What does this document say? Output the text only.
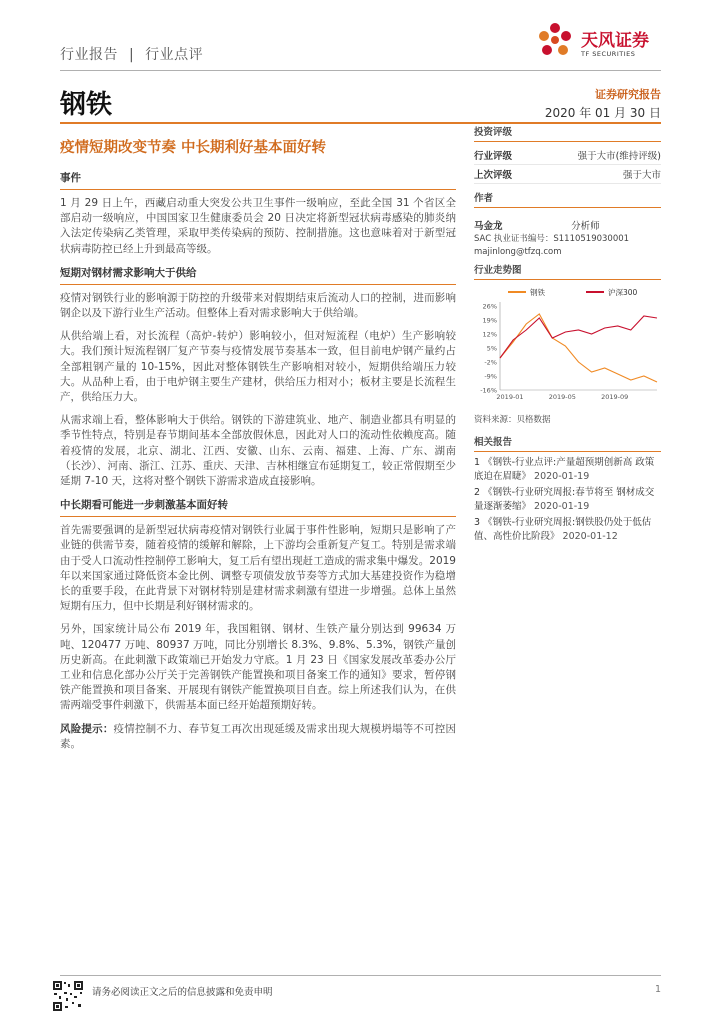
行业报告 | 行业点评
天风证券
TF SECURITIES
钢铁	证券研究报告
2020 年 01 月 30 日
疫情短期改变节奏 中长期利好基本面好转
事件

1 月 29 日上午，西藏启动重大突发公共卫生事件一级响应，至此全国 31 个省区全部启动一级响应，中国国家卫生健康委员会 20 日决定将新型冠状病毒感染的肺炎纳入法定传染病乙类管理，采取甲类传染病的预防、控制措施。这也意味着对于新型冠状病毒防控已经上升到最高等级。

短期对钢材需求影响大于供给

疫情对钢铁行业的影响源于防控的升级带来对假期结束后流动人口的控制，进而影响钢企以及下游行业生产活动。但整体上看对需求影响大于供给端。

从供给端上看，对长流程（高炉-转炉）影响较小，但对短流程（电炉）生产影响较大。我们预计短流程钢厂复产节奏与疫情发展节奏基本一致，但目前电炉钢产量约占全部粗钢产量的 10-15%，因此对整体钢铁生产影响相对较小，短期供给端压力较大。从品种上看，由于电炉钢主要生产建材，供给压力相对小；板材主要是长流程生产，供给压力大。

从需求端上看，整体影响大于供给。钢铁的下游建筑业、地产、制造业都具有明显的季节性特点，特别是春节期间基本全部放假休息，因此对人口的流动性依赖度高。随着疫情的发展，北京、湖北、江西、安徽、山东、云南、福建、上海、广东、湖南（长沙）、河南、浙江、江苏、重庆、天津、吉林相继宣布延期复工，较正常假期至少延期 7-10 天，这将对整个钢铁下游需求造成直接影响。

中长期看可能进一步刺激基本面好转

首先需要强调的是新型冠状病毒疫情对钢铁行业属于事件性影响，短期只是影响了产业链的供需节奏，随着疫情的缓解和解除，上下游均会重新复产复工。特别是需求端由于受人口流动性控制停工影响大，复工后有望出现赶工造成的需求集中爆发。2019 年以来国家通过降低资本金比例、调整专项债发放节奏等方式加大基建投资作为稳增长的重要手段，在此背景下对钢材特别是建材需求刺激有望进一步增强。总体上虽然短期有压力，但中长期是利好钢材需求的。

另外，国家统计局公布 2019 年，我国粗钢、钢材、生铁产量分别达到 99634 万吨、120477 万吨、80937 万吨，同比分别增长 8.3%、9.8%、5.3%，钢铁产量创历史新高。在此刺激下政策端已开始发力守底。1 月 23 日《国家发展改革委办公厅 工业和信息化部办公厅关于完善钢铁产能置换和项目备案工作的通知》要求，暂停钢铁产能置换和项目备案、开展现有钢铁产能置换项目自查。综上所述我们认为，在供需两端受事件刺激下，供需基本面已经开始超预期好转。

风险提示：疫情控制不力、春节复工再次出现延缓及需求出现大规模坍塌等不可控因素。

投资评级
行业评级	强于大市(维持评级)
上次评级	强于大市
作者
马金龙	分析师
SAC 执业证书编号：S1110519030001
majinlong@tfzq.com
行业走势图
钢铁	沪深300
26%
19%
12%
5%
-2%
-9%
-16%
2019-01	2019-05	2019-09
资料来源：贝格数据
相关报告
1 《钢铁-行业点评:产量超预期创新高 政策底迫在眉睫》 2020-01-19
2 《钢铁-行业研究周报:春节将至 钢材成交量逐渐萎缩》 2020-01-19
3 《钢铁-行业研究周报:钢铁股仍处于低估值、高性价比阶段》 2020-01-12
请务必阅读正文之后的信息披露和免责申明	1
